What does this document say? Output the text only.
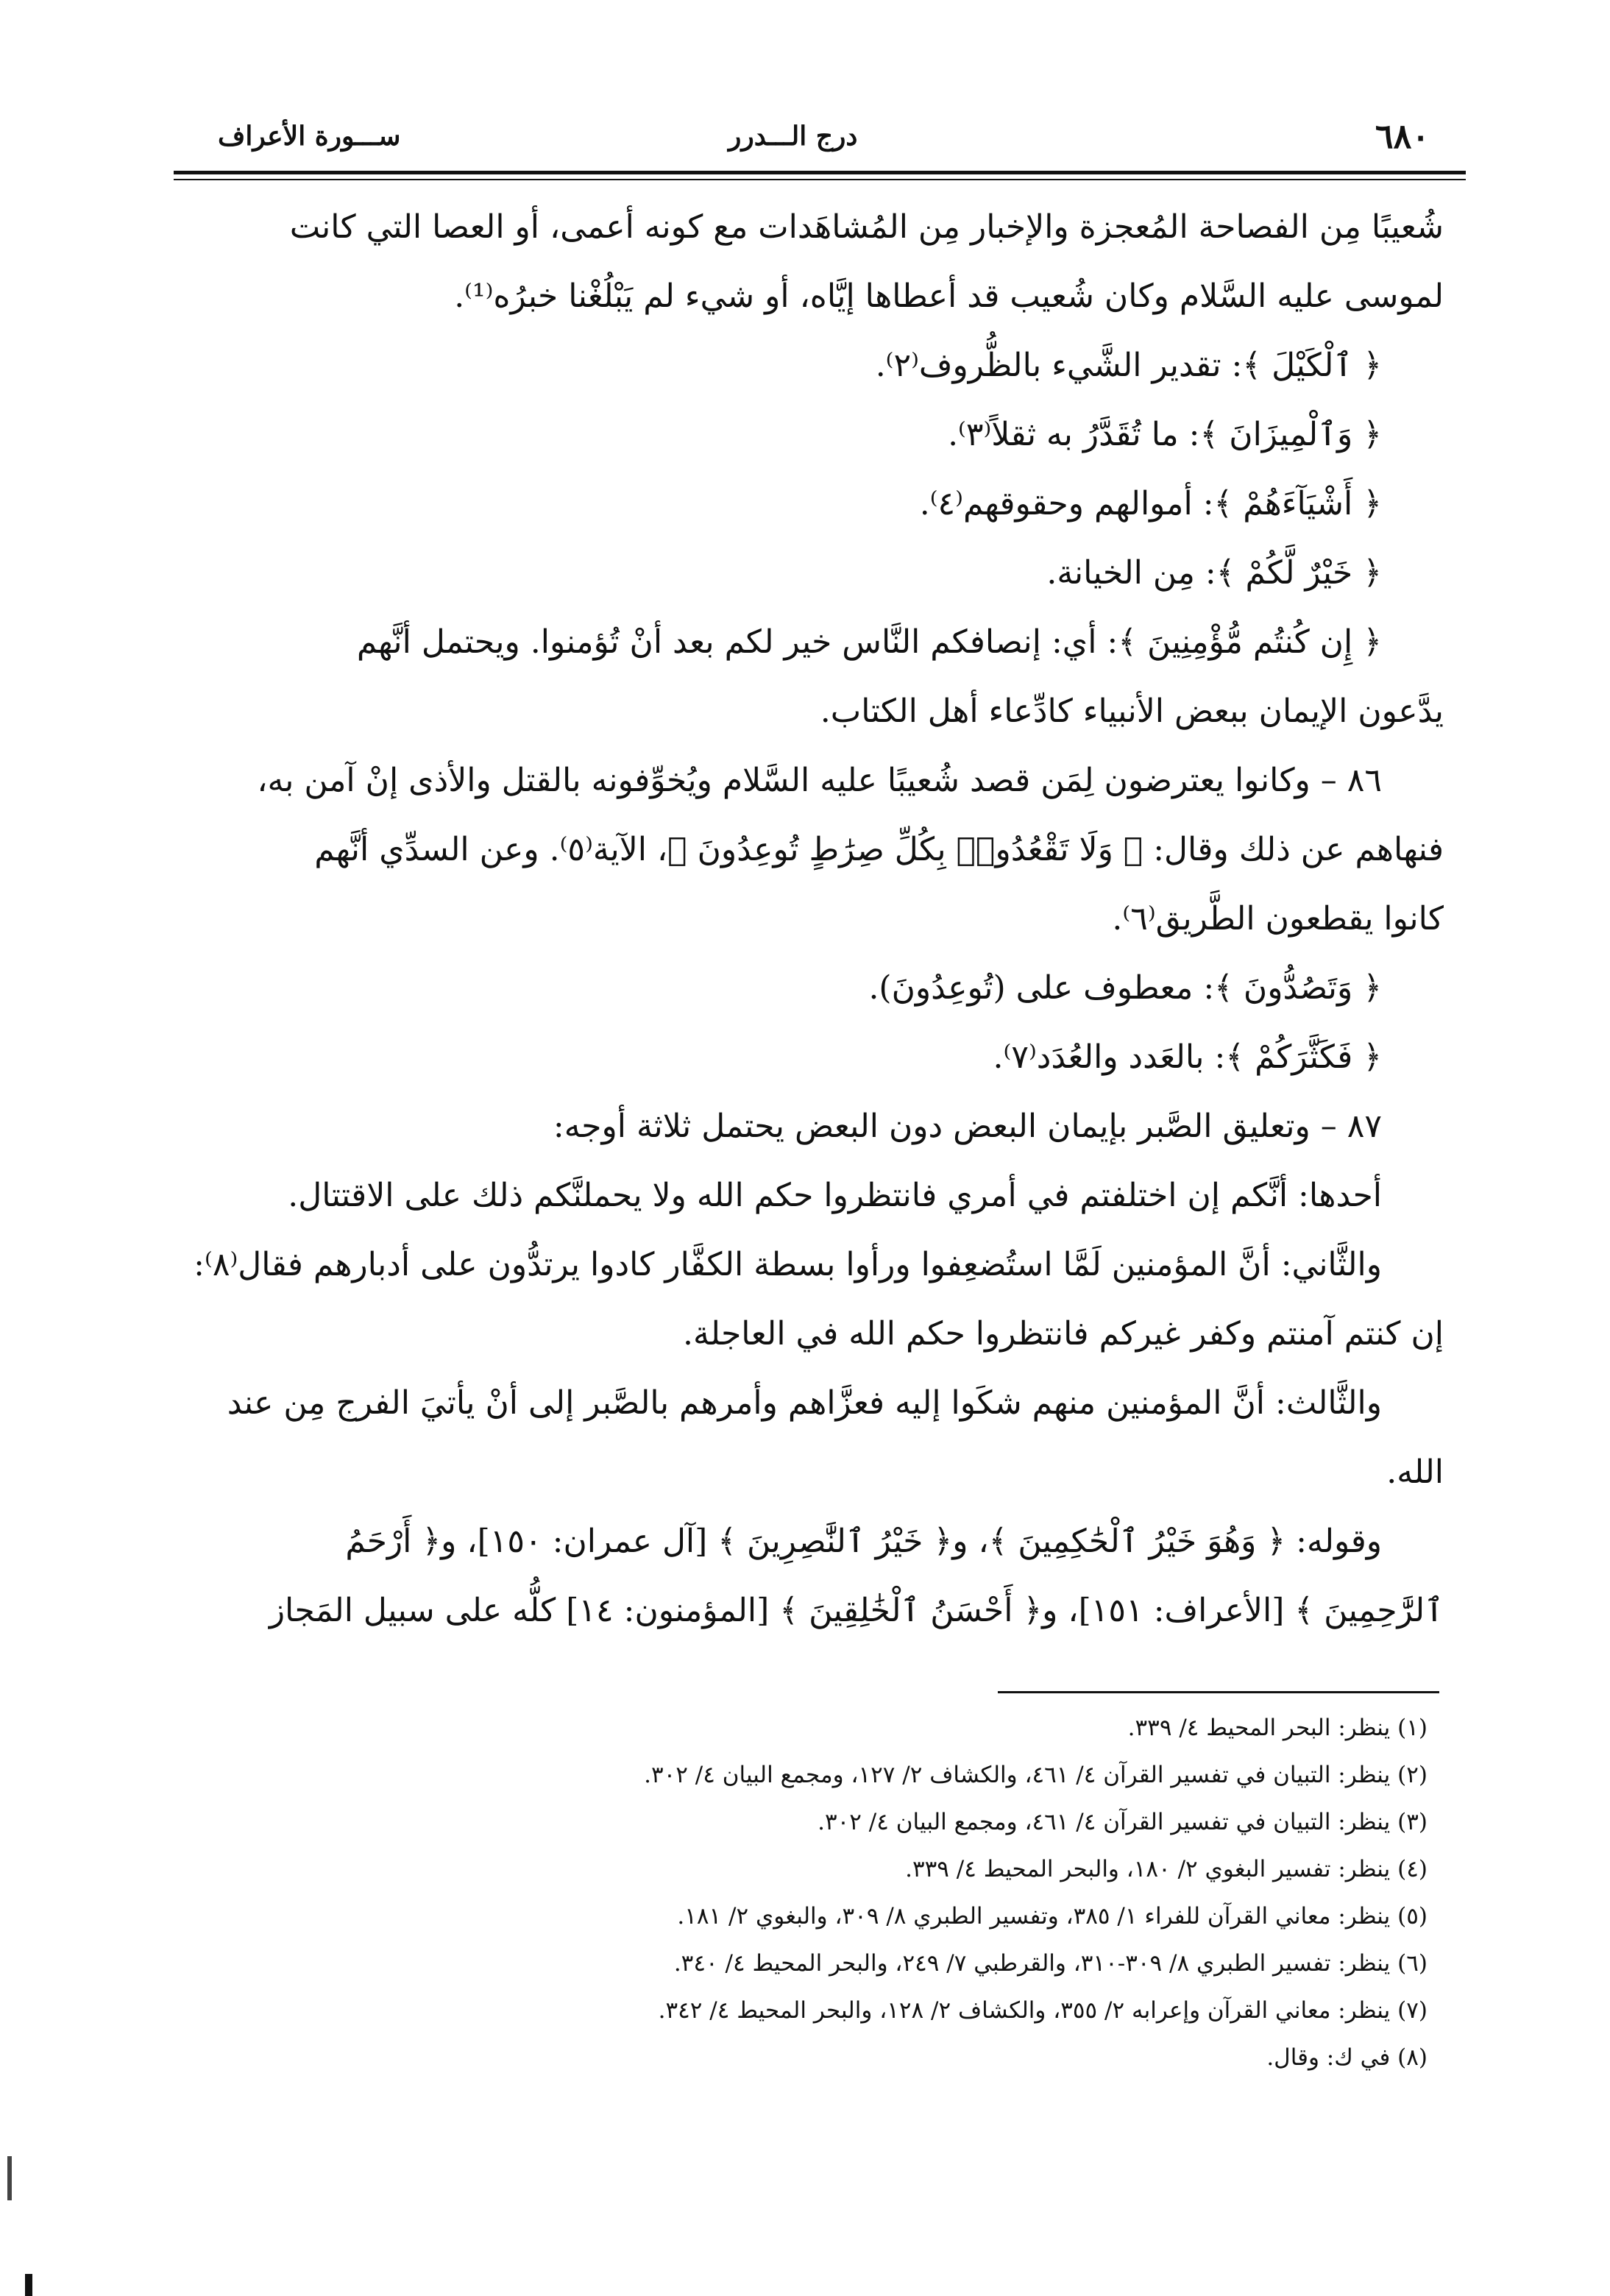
٦٨٠
درج الـــدرر
ســـورة الأعراف
شُعيبًا مِن الفصاحة المُعجزة والإخبار مِن المُشاهَدات مع كونه أعمى، أو العصا التي كانت
لموسى عليه السَّلام وكان شُعيب قد أعطاها إيَّاه، أو شيء لم يَبْلُغْنا خبرُه⁽¹⁾.
﴿ ٱلْكَيْلَ ﴾: تقدير الشَّيء بالظُّروف⁽٢⁾.
﴿ وَٱلْمِيزَانَ ﴾: ما تُقَدَّرُ به ثقلاً⁽٣⁾.
﴿ أَشْيَآءَهُمْ ﴾: أموالهم وحقوقهم⁽٤⁾.
﴿ خَيْرٌ لَّكُمْ ﴾: مِن الخيانة.
﴿ إِن كُنتُم مُّؤْمِنِينَ ﴾: أي: إنصافكم النَّاس خير لكم بعد أنْ تُؤمنوا. ويحتمل أنَّهم
يدَّعون الإيمان ببعض الأنبياء كادِّعاء أهل الكتاب.
٨٦ – وكانوا يعترضون لِمَن قصد شُعيبًا عليه السَّلام ويُخوِّفونه بالقتل والأذى إنْ آمن به،
فنهاهم عن ذلك وقال: ﴿ وَلَا تَقْعُدُوا۟ بِكُلِّ صِرَٰطٍ تُوعِدُونَ ﴾، الآية⁽٥⁾. وعن السدِّي أنَّهم
كانوا يقطعون الطَّريق⁽٦⁾.
﴿ وَتَصُدُّونَ ﴾: معطوف على (تُوعِدُونَ).
﴿ فَكَثَّرَكُمْ ﴾: بالعَدد والعُدَد⁽٧⁾.
٨٧ – وتعليق الصَّبر بإيمان البعض دون البعض يحتمل ثلاثة أوجه:
أحدها: أنَّكم إن اختلفتم في أمري فانتظروا حكم الله ولا يحملنَّكم ذلك على الاقتتال.
والثَّاني: أنَّ المؤمنين لَمَّا استُضعِفوا ورأوا بسطة الكفَّار كادوا يرتدُّون على أدبارهم فقال⁽٨⁾:
إن كنتم آمنتم وكفر غيركم فانتظروا حكم الله في العاجلة.
والثَّالث: أنَّ المؤمنين منهم شكَوا إليه فعزَّاهم وأمرهم بالصَّبر إلى أنْ يأتيَ الفرج مِن عند
الله.
وقوله: ﴿ وَهُوَ خَيْرُ ٱلْحَٰكِمِينَ ﴾، و﴿ خَيْرُ ٱلنَّٰصِرِينَ ﴾ [آل عمران: ١٥٠]، و﴿ أَرْحَمُ
ٱلرَّٰحِمِينَ ﴾ [الأعراف: ١٥١]، و﴿ أَحْسَنُ ٱلْخَٰلِقِينَ ﴾ [المؤمنون: ١٤] كلُّه على سبيل المَجاز
(١) ينظر: البحر المحيط ٤/ ٣٣٩.
(٢) ينظر: التبيان في تفسير القرآن ٤/ ٤٦١، والكشاف ٢/ ١٢٧، ومجمع البيان ٤/ ٣٠٢.
(٣) ينظر: التبيان في تفسير القرآن ٤/ ٤٦١، ومجمع البيان ٤/ ٣٠٢.
(٤) ينظر: تفسير البغوي ٢/ ١٨٠، والبحر المحيط ٤/ ٣٣٩.
(٥) ينظر: معاني القرآن للفراء ١/ ٣٨٥، وتفسير الطبري ٨/ ٣٠٩، والبغوي ٢/ ١٨١.
(٦) ينظر: تفسير الطبري ٨/ ٣٠٩-٣١٠، والقرطبي ٧/ ٢٤٩، والبحر المحيط ٤/ ٣٤٠.
(٧) ينظر: معاني القرآن وإعرابه ٢/ ٣٥٥، والكشاف ٢/ ١٢٨، والبحر المحيط ٤/ ٣٤٢.
(٨) في ك: وقال.
